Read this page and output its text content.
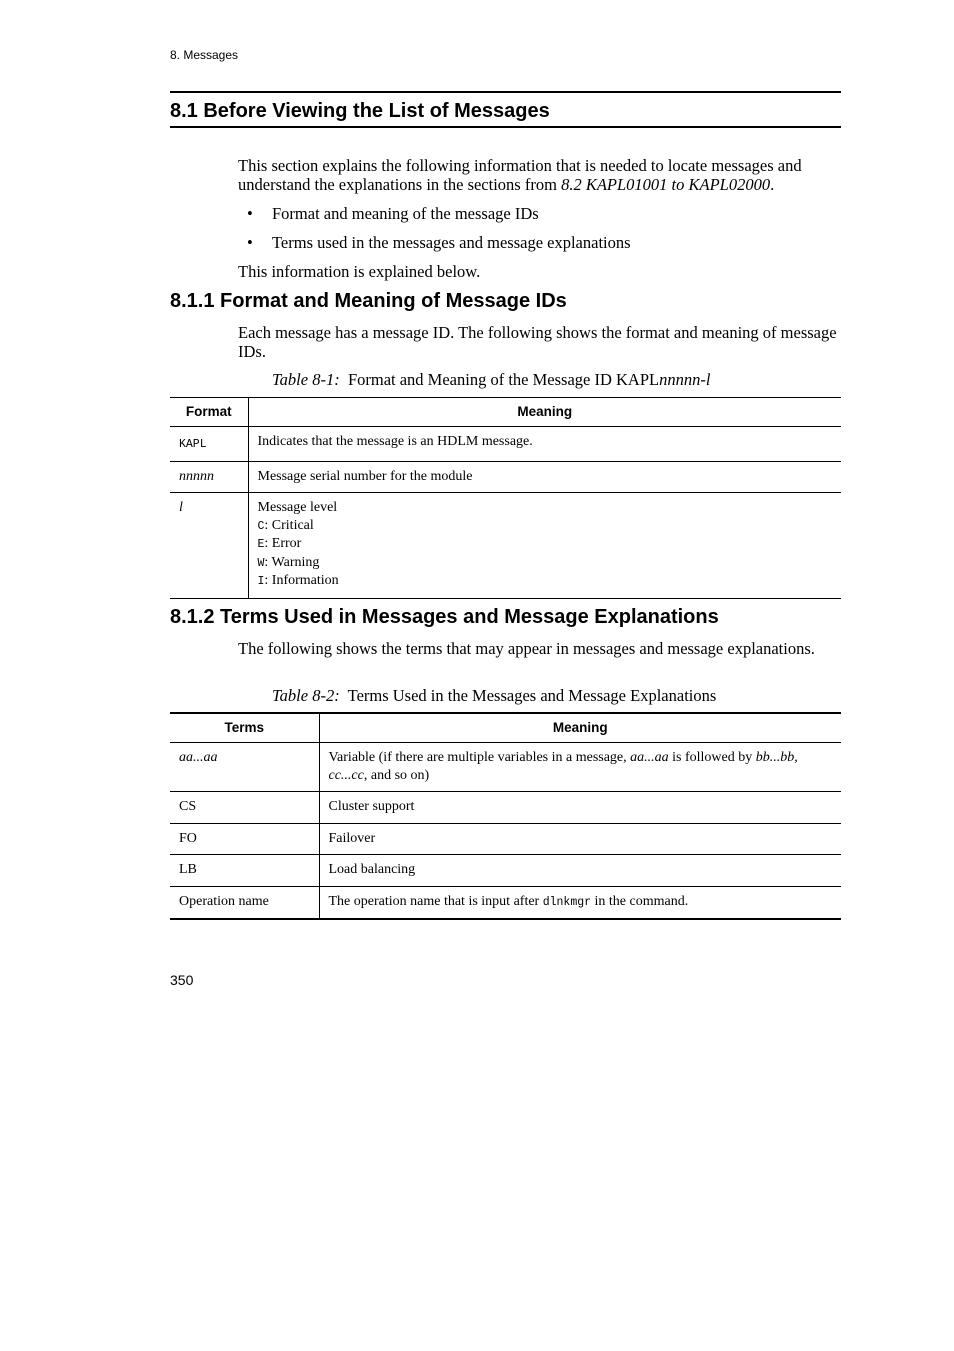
8. Messages
8.1 Before Viewing the List of Messages
This section explains the following information that is needed to locate messages and understand the explanations in the sections from 8.2 KAPL01001 to KAPL02000.
• Format and meaning of the message IDs
• Terms used in the messages and message explanations
This information is explained below.
8.1.1 Format and Meaning of Message IDs
Each message has a message ID. The following shows the format and meaning of message IDs.
Table 8-1: Format and Meaning of the Message ID KAPLnnnnn-l
Format	Meaning
KAPL	Indicates that the message is an HDLM message.
nnnnn	Message serial number for the module
l	Message level
C: Critical
E: Error
W: Warning
I: Information
8.1.2 Terms Used in Messages and Message Explanations
The following shows the terms that may appear in messages and message explanations.
Table 8-2: Terms Used in the Messages and Message Explanations
Terms	Meaning
aa...aa	Variable (if there are multiple variables in a message, aa...aa is followed by bb...bb, cc...cc, and so on)
CS	Cluster support
FO	Failover
LB	Load balancing
Operation name	The operation name that is input after dlnkmgr in the command.
350
